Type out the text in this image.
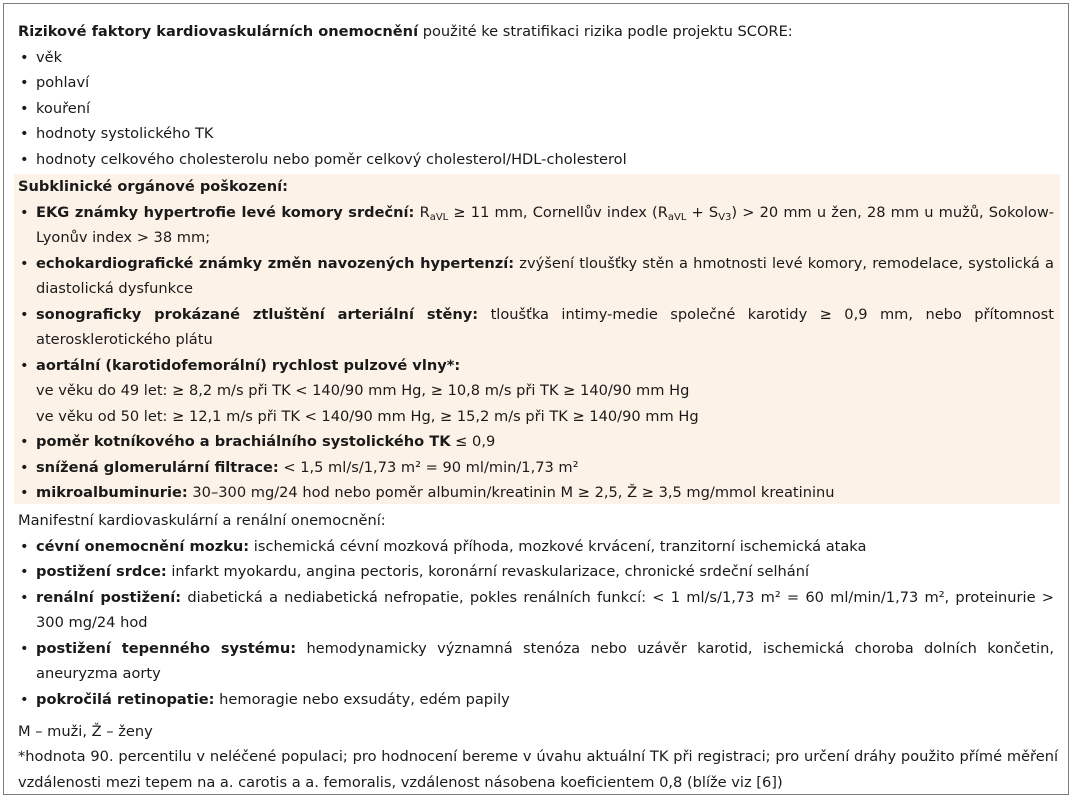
Rizikové faktory kardiovaskulárních onemocnění použité ke stratifikaci rizika podle projektu SCORE:
• věk
• pohlaví
• kouření
• hodnoty systolického TK
• hodnoty celkového cholesterolu nebo poměr celkový cholesterol/HDL-cholesterol
Subklinické orgánové poškození:
• EKG známky hypertrofie levé komory srdeční: $R_{aVL} \ge 11$ mm, Cornellův index $(R_{aVL} + S_{V3}) > 20$ mm u žen, 28 mm u mužů, Sokolow-Lyonův index > 38 mm;
• echokardiografické známky změn navozených hypertenzí: zvýšení tloušťky stěn a hmotnosti levé komory, remodelace, systolická a diastolická dysfunkce
• sonograficky prokázané ztluštění arteriální stěny: tloušťka intimy-medie společné karotidy ≥ 0,9 mm, nebo přítomnost aterosklerotického plátu
• aortální (karotidofemorální) rychlost pulzové vlny*:
ve věku do 49 let: ≥ 8,2 m/s při TK < 140/90 mm Hg, ≥ 10,8 m/s při TK ≥ 140/90 mm Hg
ve věku od 50 let: ≥ 12,1 m/s při TK < 140/90 mm Hg, ≥ 15,2 m/s při TK ≥ 140/90 mm Hg
• poměr kotníkového a brachiálního systolického TK ≤ 0,9
• snížená glomerulární filtrace: < 1,5 ml/s/1,73 m² = 90 ml/min/1,73 m²
• mikroalbuminurie: 30–300 mg/24 hod nebo poměr albumin/kreatinin M ≥ 2,5, Ž ≥ 3,5 mg/mmol kreatininu
Manifestní kardiovaskulární a renální onemocnění:
• cévní onemocnění mozku: ischemická cévní mozková příhoda, mozkové krvácení, tranzitorní ischemická ataka
• postižení srdce: infarkt myokardu, angina pectoris, koronární revaskularizace, chronické srdeční selhání
• renální postižení: diabetická a nediabetická nefropatie, pokles renálních funkcí: < 1 ml/s/1,73 m² = 60 ml/min/1,73 m², proteinurie > 300 mg/24 hod
• postižení tepenného systému: hemodynamicky významná stenóza nebo uzávěr karotid, ischemická choroba dolních končetin, aneuryzma aorty
• pokročilá retinopatie: hemoragie nebo exsudáty, edém papily
M – muži, Ž – ženy
*hodnota 90. percentilu v neléčené populaci; pro hodnocení bereme v úvahu aktuální TK při registraci; pro určení dráhy použito přímé měření vzdálenosti mezi tepem na a. carotis a a. femoralis, vzdálenost násobena koeficientem 0,8 (blíže viz [6])
